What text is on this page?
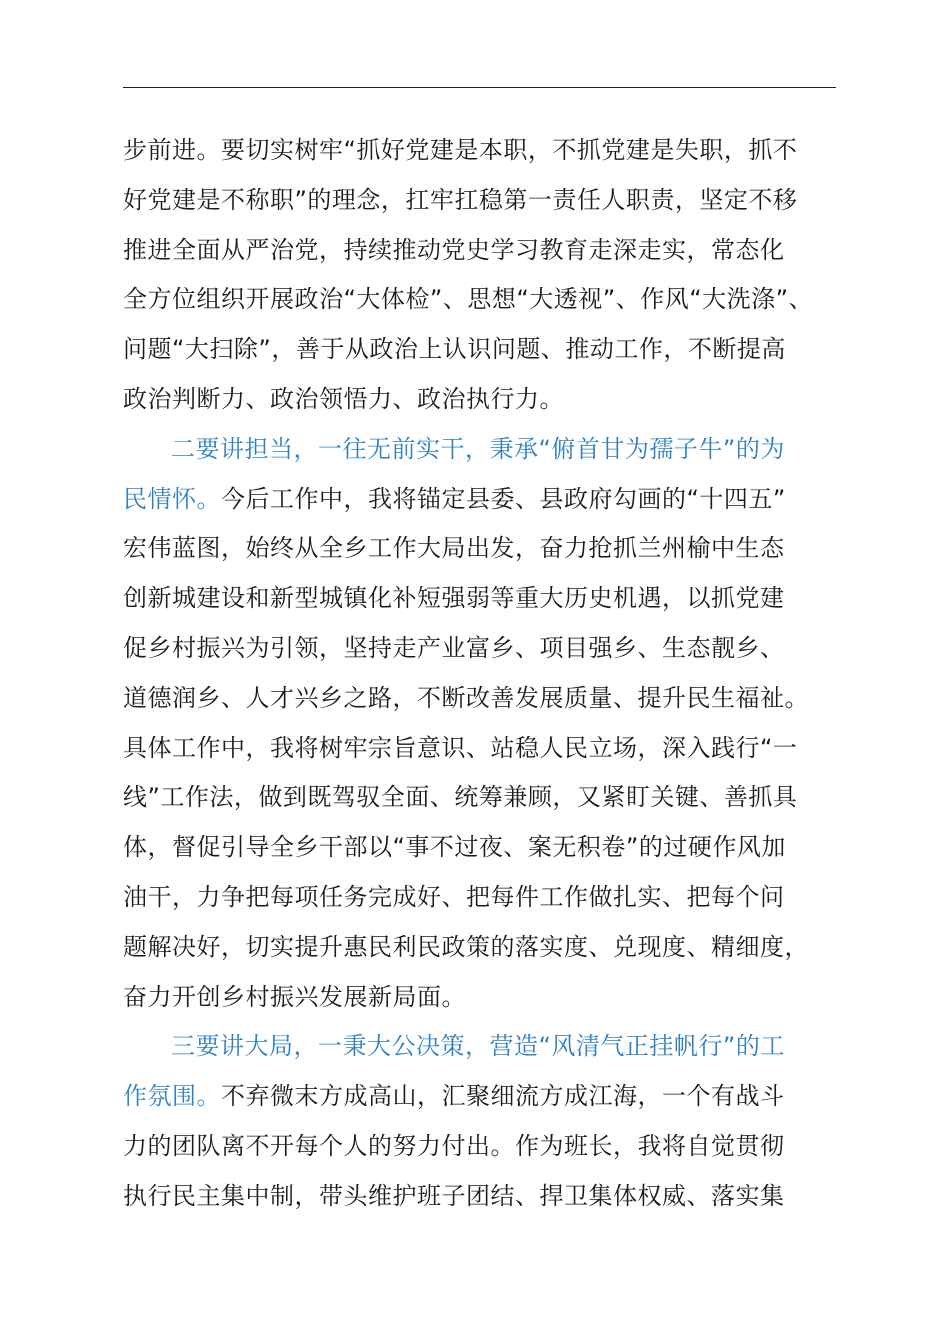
步前进。要切实树牢“抓好党建是本职，不抓党建是失职，抓不
好党建是不称职”的理念，扛牢扛稳第一责任人职责，坚定不移
推进全面从严治党，持续推动党史学习教育走深走实，常态化
全方位组织开展政治“大体检”、思想“大透视”、作风“大洗涤”、
问题“大扫除”，善于从政治上认识问题、推动工作，不断提高
政治判断力、政治领悟力、政治执行力。
二要讲担当，一往无前实干，秉承“俯首甘为孺子牛”的为
民情怀。今后工作中，我将锚定县委、县政府勾画的“十四五”
宏伟蓝图，始终从全乡工作大局出发，奋力抢抓兰州榆中生态
创新城建设和新型城镇化补短强弱等重大历史机遇，以抓党建
促乡村振兴为引领，坚持走产业富乡、项目强乡、生态靓乡、
道德润乡、人才兴乡之路，不断改善发展质量、提升民生福祉。
具体工作中，我将树牢宗旨意识、站稳人民立场，深入践行“一
线”工作法，做到既驾驭全面、统筹兼顾，又紧盯关键、善抓具
体，督促引导全乡干部以“事不过夜、案无积卷”的过硬作风加
油干，力争把每项任务完成好、把每件工作做扎实、把每个问
题解决好，切实提升惠民利民政策的落实度、兑现度、精细度，
奋力开创乡村振兴发展新局面。
三要讲大局，一秉大公决策，营造“风清气正挂帆行”的工
作氛围。不弃微末方成高山，汇聚细流方成江海，一个有战斗
力的团队离不开每个人的努力付出。作为班长，我将自觉贯彻
执行民主集中制，带头维护班子团结、捍卫集体权威、落实集
